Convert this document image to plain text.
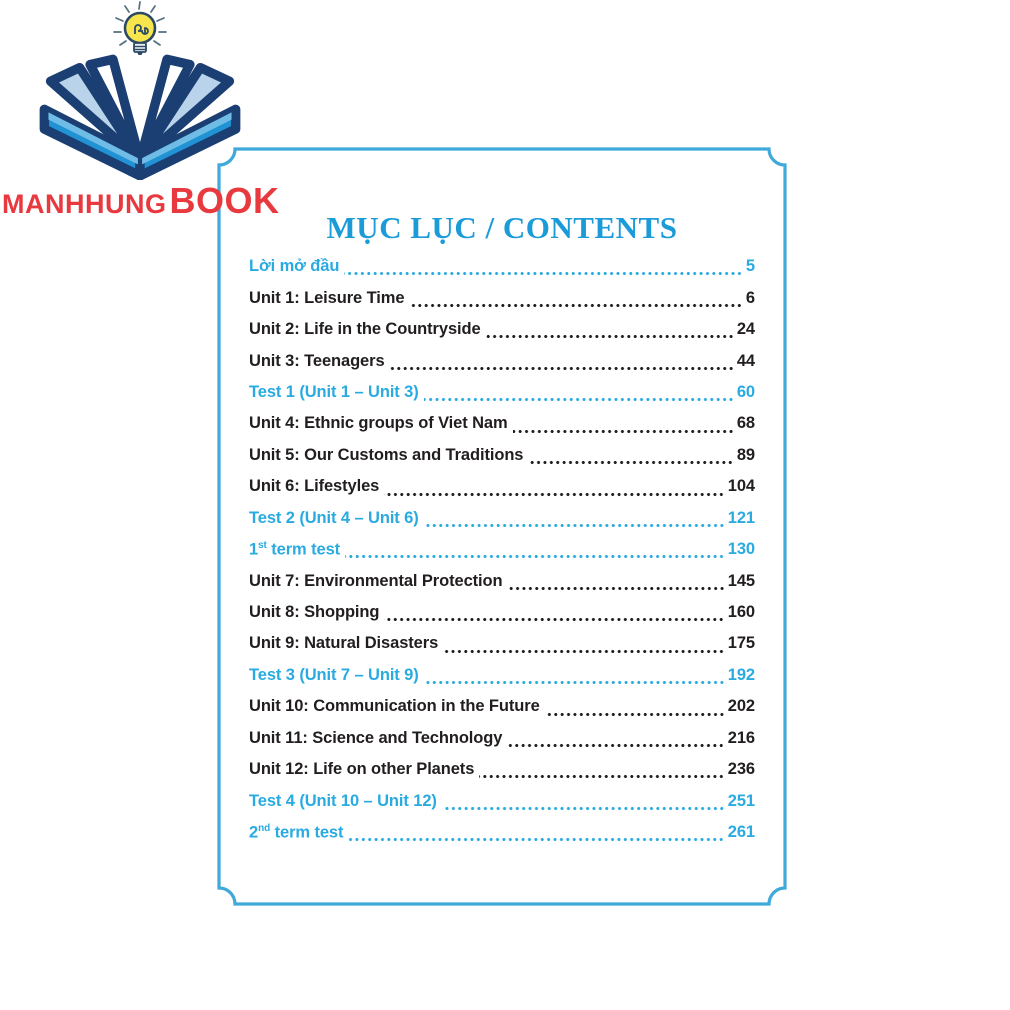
MANHHUNG BOOK
MỤC LỤC / CONTENTS
Lời mở đầu	5
Unit 1: Leisure Time	6
Unit 2: Life in the Countryside	24
Unit 3: Teenagers	44
Test 1 (Unit 1 – Unit 3)	60
Unit 4: Ethnic groups of Viet Nam	68
Unit 5: Our Customs and Traditions	89
Unit 6: Lifestyles	104
Test 2 (Unit 4 – Unit 6)	121
1st term test	130
Unit 7: Environmental Protection	145
Unit 8: Shopping	160
Unit 9: Natural Disasters	175
Test 3 (Unit 7 – Unit 9)	192
Unit 10: Communication in the Future	202
Unit 11: Science and Technology	216
Unit 12: Life on other Planets	236
Test 4 (Unit 10 – Unit 12)	251
2nd term test	261
